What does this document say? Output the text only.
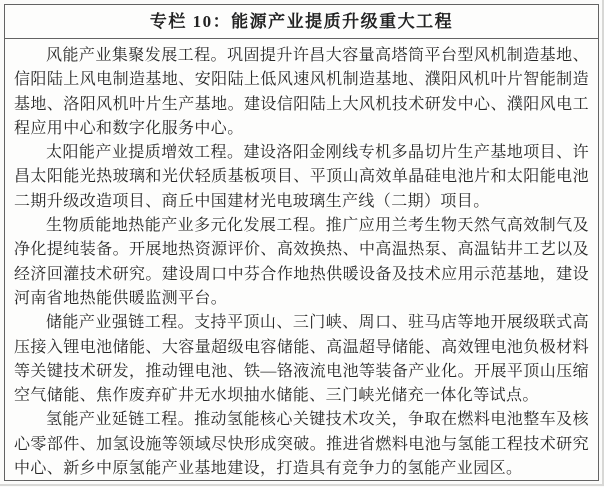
专栏 10：能源产业提质升级重大工程

风能产业集聚发展工程。巩固提升许昌大容量高塔筒平台型风机制造基地、信阳陆上风电制造基地、安阳陆上低风速风机制造基地、濮阳风机叶片智能制造基地、洛阳风机叶片生产基地。建设信阳陆上大风机技术研发中心、濮阳风电工程应用中心和数字化服务中心。

太阳能产业提质增效工程。建设洛阳金刚线专机多晶切片生产基地项目、许昌太阳能光热玻璃和光伏轻质基板项目、平顶山高效单晶硅电池片和太阳能电池二期升级改造项目、商丘中国建材光电玻璃生产线（二期）项目。

生物质能地热能产业多元化发展工程。推广应用兰考生物天然气高效制气及净化提纯装备。开展地热资源评价、高效换热、中高温热泵、高温钻井工艺以及经济回灌技术研究。建设周口中芬合作地热供暖设备及技术应用示范基地，建设河南省地热能供暖监测平台。

储能产业强链工程。支持平顶山、三门峡、周口、驻马店等地开展级联式高压接入锂电池储能、大容量超级电容储能、高温超导储能、高效锂电池负极材料等关键技术研发，推动锂电池、铁—铬液流电池等装备产业化。开展平顶山压缩空气储能、焦作废弃矿井无水坝抽水储能、三门峡光储充一体化等试点。

氢能产业延链工程。推动氢能核心关键技术攻关，争取在燃料电池整车及核心零部件、加氢设施等领域尽快形成突破。推进省燃料电池与氢能工程技术研究中心、新乡中原氢能产业基地建设，打造具有竞争力的氢能产业园区。
